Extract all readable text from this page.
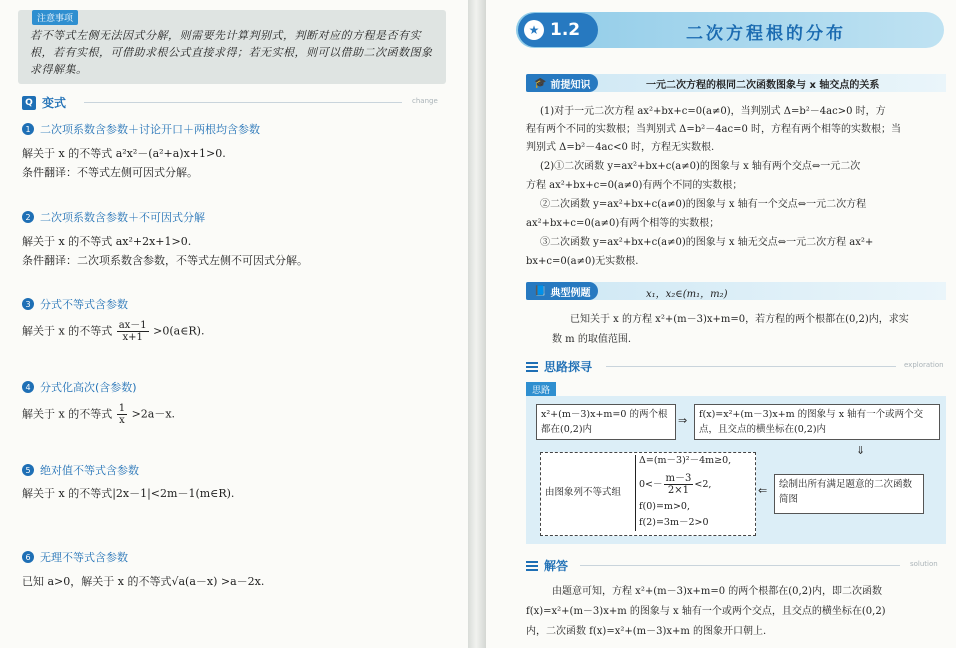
注意事项
若不等式左侧无法因式分解，则需要先计算判别式，判断对应的方程是否有实根，若有实根，可借助求根公式直接求得；若无实根，则可以借助二次函数图象求得解集。
Q 变式	change
1 二次项系数含参数＋讨论开口＋两根均含参数
解关于 x 的不等式 a²x²－(a²+a)x+1>0.
条件翻译：不等式左侧可因式分解。
2 二次项系数含参数＋不可因式分解
解关于 x 的不等式 ax²+2x+1>0.
条件翻译：二次项系数含参数，不等式左侧不可因式分解。
3 分式不等式含参数
解关于 x 的不等式 $\frac{ax-1}{x+1}$ >0(a∈R).
4 分式化高次(含参数)
解关于 x 的不等式 $\frac{1}{x} >2a-x$.
5 绝对值不等式含参数
解关于 x 的不等式|2x－1|<2m－1(m∈R).
6 无理不等式含参数
已知 a>0，解关于 x 的不等式√a(a－x) >a－2x.
★ 1.2	二次方程根的分布
🎓 前提知识	一元二次方程的根同二次函数图象与 x 轴交点的关系
(1)对于一元二次方程 ax²+bx+c=0(a≠0)，当判别式 Δ=b²－4ac>0 时，方
程有两个不同的实数根；当判别式 Δ=b²－4ac=0 时，方程有两个相等的实数根；当
判别式 Δ=b²－4ac<0 时，方程无实数根.
(2)①二次函数 y=ax²+bx+c(a≠0)的图象与 x 轴有两个交点⇔一元二次
方程 ax²+bx+c=0(a≠0)有两个不同的实数根；
②二次函数 y=ax²+bx+c(a≠0)的图象与 x 轴有一个交点⇔一元二次方程
ax²+bx+c=0(a≠0)有两个相等的实数根；
③二次函数 y=ax²+bx+c(a≠0)的图象与 x 轴无交点⇔一元二次方程 ax²+
bx+c=0(a≠0)无实数根.
📘 典型例题	x₁，x₂∈(m₁，m₂)
已知关于 x 的方程 x²+(m－3)x+m=0，若方程的两个根都在(0,2)内，求实
数 m 的取值范围.
思路探寻	exploration
思路
x²+(m－3)x+m=0 的两个根都在(0,2)内
⇒	f(x)=x²+(m－3)x+m 的图象与 x 轴有一个或两个交点，且交点的横坐标在(0,2)内
⇓
由图象列不等式组
Δ=(m－3)²－4m≥0,
$0<- \frac{m-3}{2\times 1} <2$,
f(0)=m>0,
f(2)=3m－2>0
⇐	绘制出所有满足题意的二次函数简图
解答	solution
由题意可知，方程 x²+(m－3)x+m=0 的两个根都在(0,2)内，即二次函数
f(x)=x²+(m－3)x+m 的图象与 x 轴有一个或两个交点，且交点的横坐标在(0,2)
内，二次函数 f(x)=x²+(m－3)x+m 的图象开口朝上.
